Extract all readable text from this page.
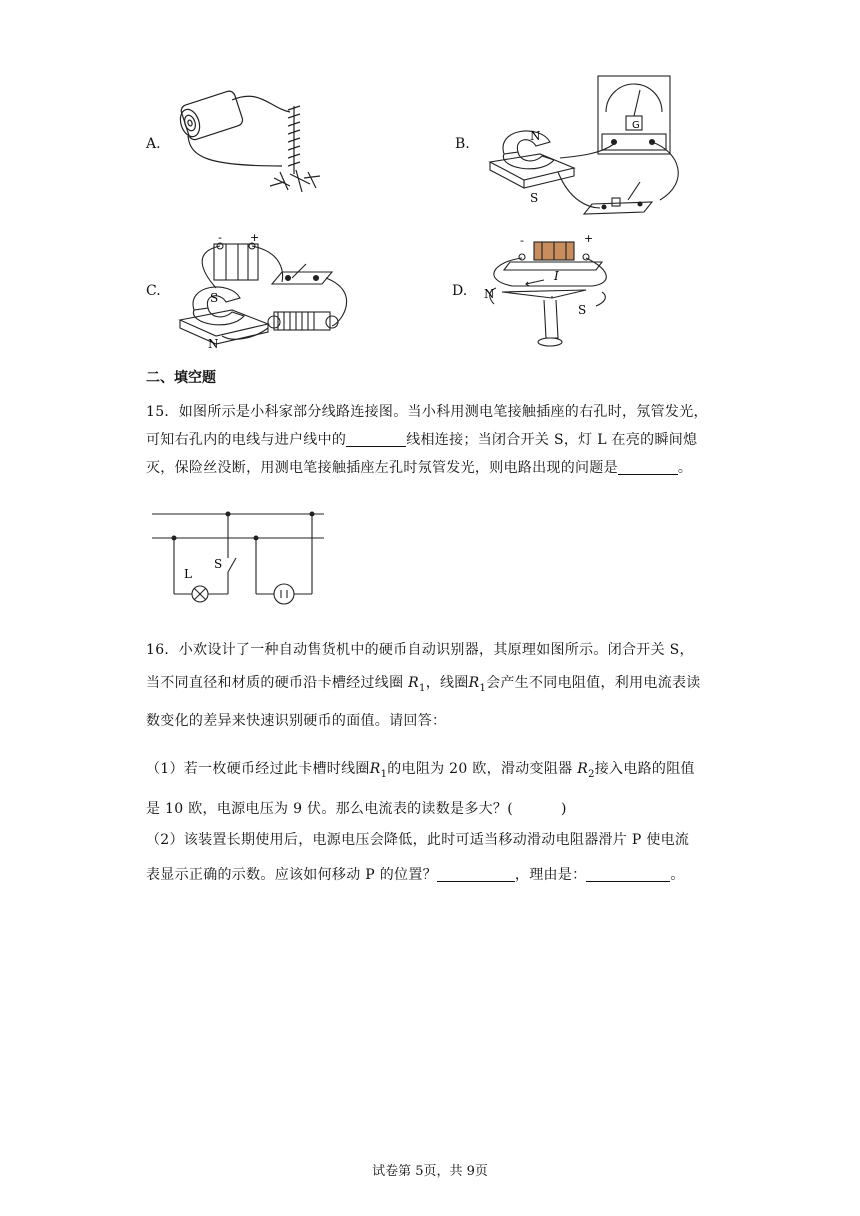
A.	B.
C.	D.
N
S
G
-	+
S
N
-	+
I
N
S
二、填空题
15．如图所示是小科家部分线路连接图。当小科用测电笔接触插座的右孔时，氖管发光，
可知右孔内的电线与进户线中的	线相连接；当闭合开关 S，灯 L 在亮的瞬间熄
灭，保险丝没断，用测电笔接触插座左孔时氖管发光，则电路出现的问题是	。
L
S
16．小欢设计了一种自动售货机中的硬币自动识别器，其原理如图所示。闭合开关 S，
当不同直径和材质的硬币沿卡槽经过线圈 $R_1$，线圈$R_1$会产生不同电阻值，利用电流表读
数变化的差异来快速识别硬币的面值。请回答：
（1）若一枚硬币经过此卡槽时线圈$R_1$的电阻为 20 欧，滑动变阻器 $R_2$接入电路的阻值
是 10 欧，电源电压为 9 伏。那么电流表的读数是多大？(	)
（2）该装置长期使用后，电源电压会降低，此时可适当移动滑动电阻器滑片 P 使电流
表显示正确的示数。应该如何移动 P 的位置？	，理由是：	。
试卷第 5页，共 9页
